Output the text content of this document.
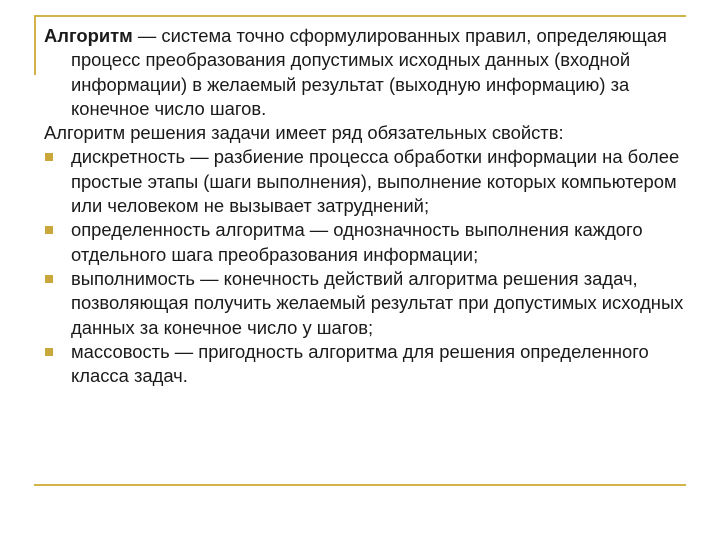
Алгоритм — система точно сформулированных правил, определяющая процесс преобразования допустимых исходных данных (входной информации) в желаемый результат (выходную информацию) за конечное число шагов.

Алгоритм решения задачи имеет ряд обязательных свойств:

дискретность — разбиение процесса обработки информации на более простые этапы (шаги выполнения), выполнение которых компьютером или человеком не вызывает затруднений;
определенность алгоритма — однозначность выполнения каждого отдельного шага преобразования информации;
выполнимость — конечность действий алгоритма решения задач, позволяющая получить желаемый результат при допустимых исходных данных за конечное число у шагов;
массовость — пригодность алгоритма для решения определенного класса задач.
